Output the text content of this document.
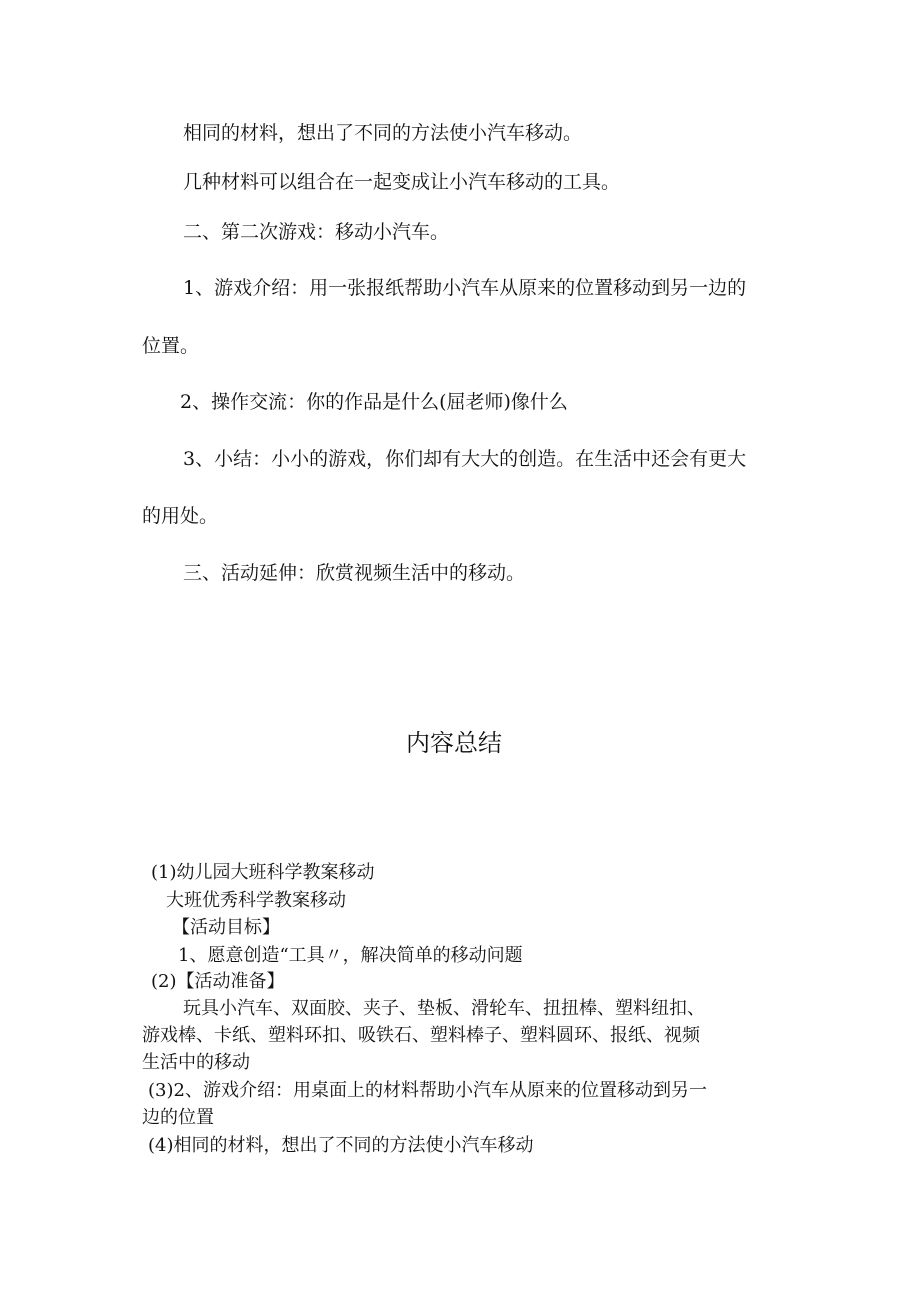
相同的材料，想出了不同的方法使小汽车移动。
几种材料可以组合在一起变成让小汽车移动的工具。
二、第二次游戏：移动小汽车。
1、游戏介绍：用一张报纸帮助小汽车从原来的位置移动到另一边的
位置。
2、操作交流：你的作品是什么(屈老师)像什么
3、小结：小小的游戏，你们却有大大的创造。在生活中还会有更大
的用处。
三、活动延伸：欣赏视频生活中的移动。
内容总结
(1)幼儿园大班科学教案移动
大班优秀科学教案移动
【活动目标】
1、愿意创造“工具〃，解决简单的移动问题
(2)【活动准备】
玩具小汽车、双面胶、夹子、垫板、滑轮车、扭扭棒、塑料纽扣、
游戏棒、卡纸、塑料环扣、吸铁石、塑料棒子、塑料圆环、报纸、视频
生活中的移动
(3)2、游戏介绍：用桌面上的材料帮助小汽车从原来的位置移动到另一
边的位置
(4)相同的材料，想出了不同的方法使小汽车移动
